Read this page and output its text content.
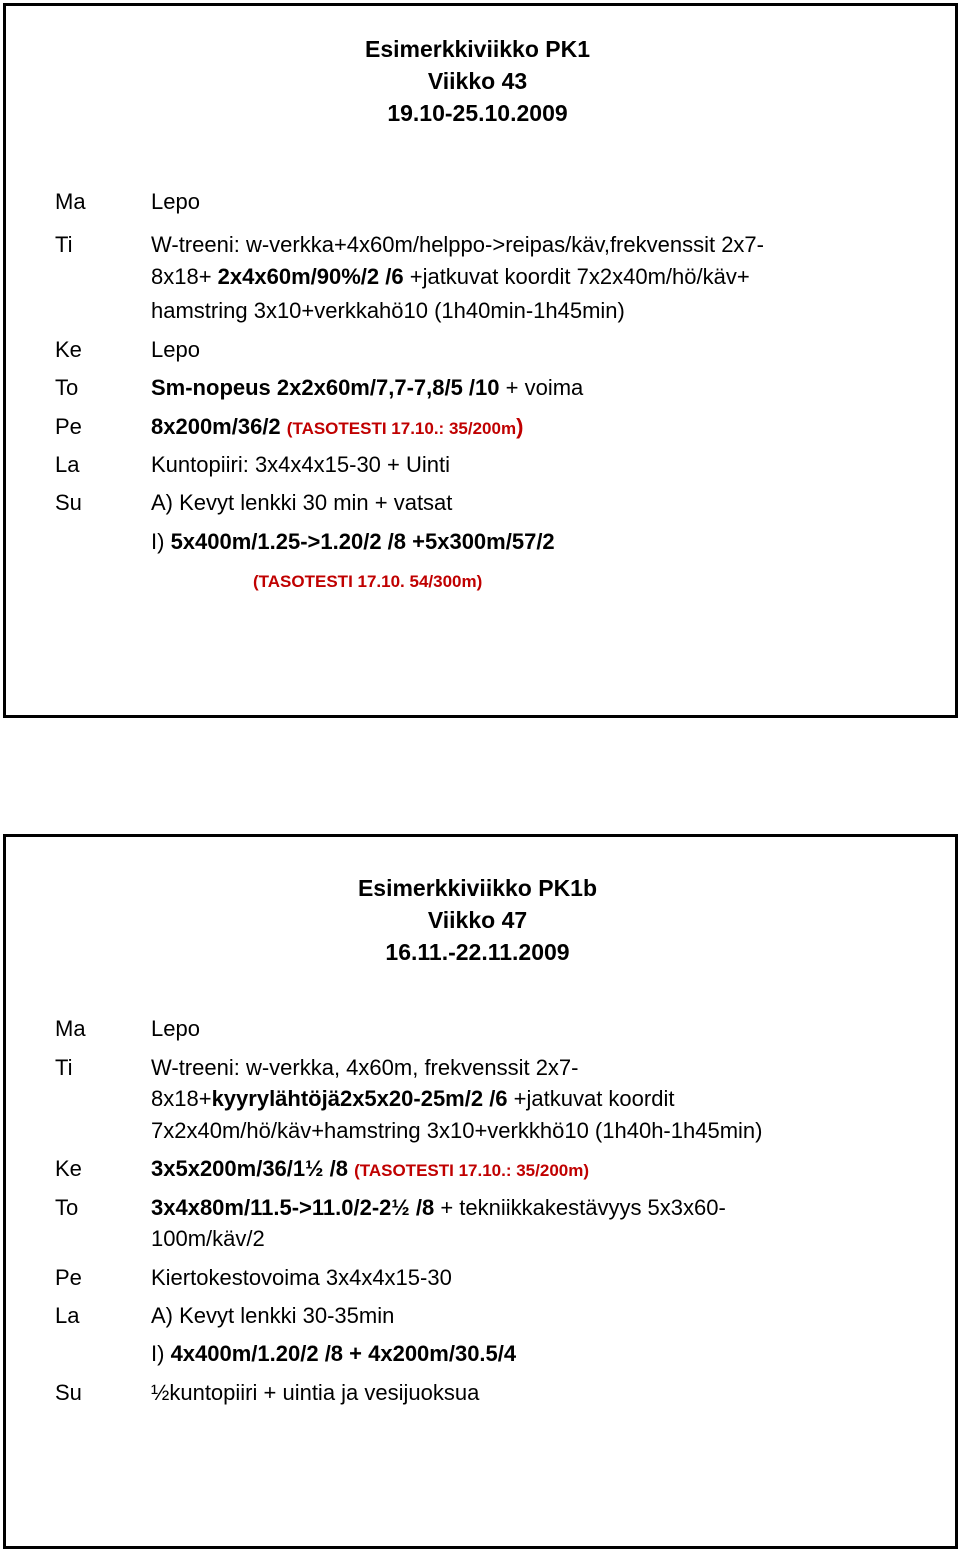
Esimerkkiviikko PK1
Viikko 43
19.10-25.10.2009
Ma	Lepo
Ti	W-treeni: w-verkka+4x60m/helppo->reipas/käv,frekvenssit 2x7-
8x18+ 2x4x60m/90%/2 /6 +jatkuvat koordit 7x2x40m/hö/käv+
hamstring 3x10+verkkahö10 (1h40min-1h45min)
Ke	Lepo
To	Sm-nopeus 2x2x60m/7,7-7,8/5 /10 + voima
Pe	8x200m/36/2 (TASOTESTI 17.10.: 35/200m)
La	Kuntopiiri: 3x4x4x15-30 + Uinti
Su	A) Kevyt lenkki 30 min + vatsat
I) 5x400m/1.25->1.20/2 /8 +5x300m/57/2
(TASOTESTI 17.10. 54/300m)
Esimerkkiviikko PK1b
Viikko 47
16.11.-22.11.2009
Ma	Lepo
Ti	W-treeni: w-verkka, 4x60m, frekvenssit 2x7-
8x18+kyyrylähtöjä2x5x20-25m/2 /6 +jatkuvat koordit
7x2x40m/hö/käv+hamstring 3x10+verkkhö10 (1h40h-1h45min)
Ke	3x5x200m/36/1½ /8 (TASOTESTI 17.10.: 35/200m)
To	3x4x80m/11.5->11.0/2-2½ /8 + tekniikkakestävyys 5x3x60-
100m/käv/2
Pe	Kiertokestovoima 3x4x4x15-30
La	A) Kevyt lenkki 30-35min
I) 4x400m/1.20/2 /8 + 4x200m/30.5/4
Su	½kuntopiiri + uintia ja vesijuoksua
